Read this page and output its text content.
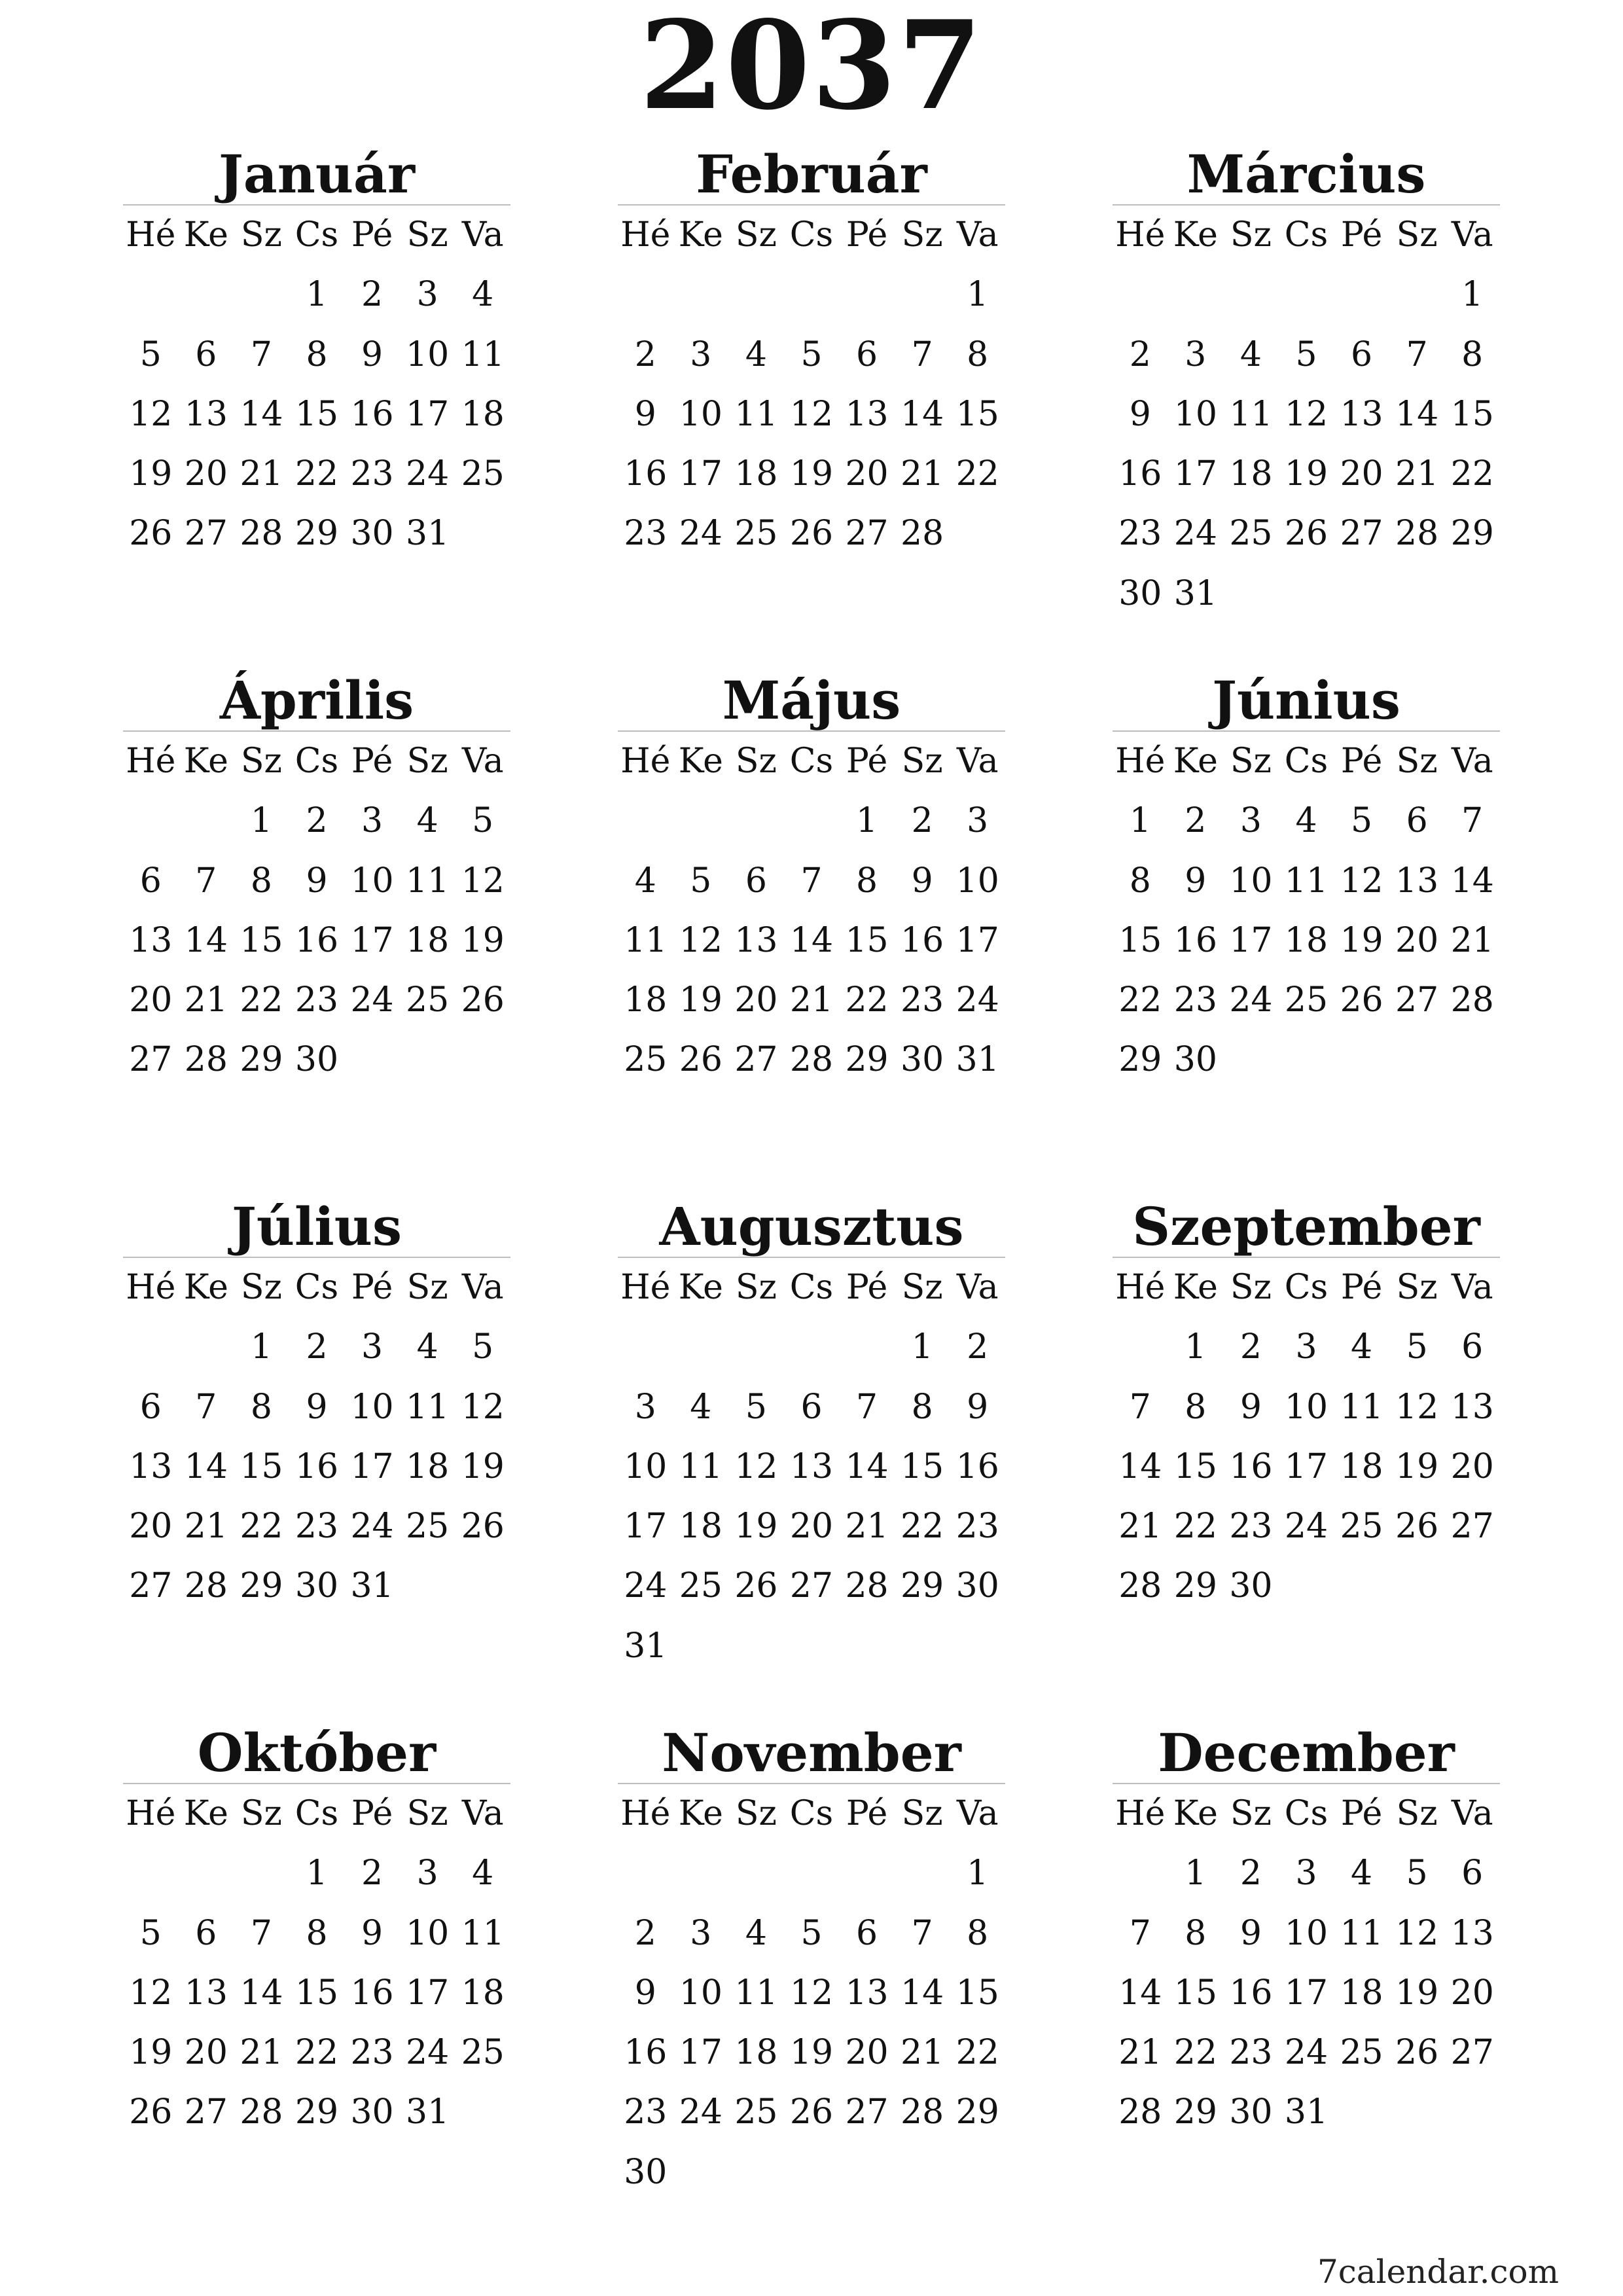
2037
Január
Hé Ke Sz Cs Pé Sz Va
1 2 3 4
5 6 7 8 9 10 11
12 13 14 15 16 17 18
19 20 21 22 23 24 25
26 27 28 29 30 31
Február
Hé Ke Sz Cs Pé Sz Va
1
2 3 4 5 6 7 8
9 10 11 12 13 14 15
16 17 18 19 20 21 22
23 24 25 26 27 28
Március
Hé Ke Sz Cs Pé Sz Va
1
2 3 4 5 6 7 8
9 10 11 12 13 14 15
16 17 18 19 20 21 22
23 24 25 26 27 28 29
30 31
Április
Hé Ke Sz Cs Pé Sz Va
1 2 3 4 5
6 7 8 9 10 11 12
13 14 15 16 17 18 19
20 21 22 23 24 25 26
27 28 29 30
Május
Hé Ke Sz Cs Pé Sz Va
1 2 3
4 5 6 7 8 9 10
11 12 13 14 15 16 17
18 19 20 21 22 23 24
25 26 27 28 29 30 31
Június
Hé Ke Sz Cs Pé Sz Va
1 2 3 4 5 6 7
8 9 10 11 12 13 14
15 16 17 18 19 20 21
22 23 24 25 26 27 28
29 30
Július
Hé Ke Sz Cs Pé Sz Va
1 2 3 4 5
6 7 8 9 10 11 12
13 14 15 16 17 18 19
20 21 22 23 24 25 26
27 28 29 30 31
Augusztus
Hé Ke Sz Cs Pé Sz Va
1 2
3 4 5 6 7 8 9
10 11 12 13 14 15 16
17 18 19 20 21 22 23
24 25 26 27 28 29 30
31
Szeptember
Hé Ke Sz Cs Pé Sz Va
1 2 3 4 5 6
7 8 9 10 11 12 13
14 15 16 17 18 19 20
21 22 23 24 25 26 27
28 29 30
Október
Hé Ke Sz Cs Pé Sz Va
1 2 3 4
5 6 7 8 9 10 11
12 13 14 15 16 17 18
19 20 21 22 23 24 25
26 27 28 29 30 31
November
Hé Ke Sz Cs Pé Sz Va
1
2 3 4 5 6 7 8
9 10 11 12 13 14 15
16 17 18 19 20 21 22
23 24 25 26 27 28 29
30
December
Hé Ke Sz Cs Pé Sz Va
1 2 3 4 5 6
7 8 9 10 11 12 13
14 15 16 17 18 19 20
21 22 23 24 25 26 27
28 29 30 31
7calendar.com
